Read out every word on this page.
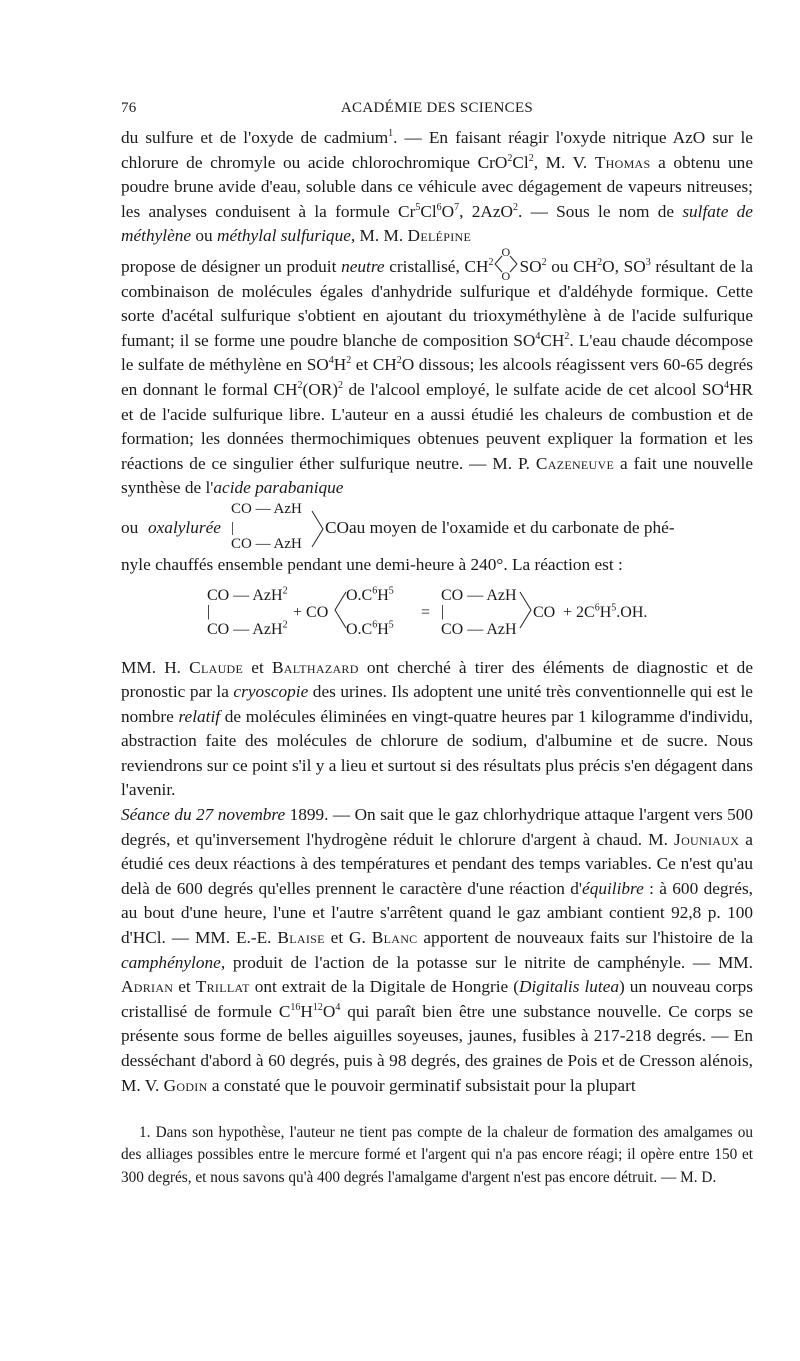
76	ACADÉMIE DES SCIENCES

du sulfure et de l'oxyde de cadmium$^1$. — En faisant réagir l'oxyde nitrique AzO sur le chlorure de chromyle ou acide chlorochromique CrO$^2$Cl$^2$, M. V. Thomas a obtenu une poudre brune avide d'eau, soluble dans ce véhicule avec dégagement de vapeurs nitreuses; les analyses conduisent à la formule $Cr^5Cl^6O^7$, 2AzO$^2$. — Sous le nom de sulfate de méthylène ou méthylal sulfurique, M. M. Delépine

propose de désigner un produit neutre cristallisé, $CH^2$
O
O $SO^2$ ou $CH^2O$, $SO^3$ résultant de la combinaison de molécules égales d'anhydride sulfurique et d'aldéhyde formique. Cette sorte d'acétal sulfurique s'obtient en ajoutant du trioxyméthylène à de l'acide sulfurique fumant; il se forme une poudre blanche de composition $SO^4CH^2$. L'eau chaude décompose le sulfate de méthylène en $SO^4H^2$ et $CH^2O$ dissous; les alcools réagissent vers 60-65 degrés en donnant le formal $CH^2(OR)^2$ de l'alcool employé, le sulfate acide de cet alcool $SO^4HR$ et de l'acide sulfurique libre. L'auteur en a aussi étudié les chaleurs de combustion et de formation; les données thermochimiques obtenues peuvent expliquer la formation et les réactions de ce singulier éther sulfurique neutre. — M. P. Cazeneuve a fait une nouvelle synthèse de l'acide parabanique

ou oxalylurée
CO — AzH
|
CO — AzH
CO au moyen de l'oxamide et du carbonate de phé-

nyle chauffés ensemble pendant une demi-heure à 240°. La réaction est :

CO — AzH$^2$
|
CO — AzH$^2$
+ CO
$O.C^6H^5$
$O.C^6H^5$
=
CO — AzH
|
CO — AzH
CO + $2C^6H^5.OH$.

MM. H. Claude et Balthazard ont cherché à tirer des éléments de diagnostic et de pronostic par la cryoscopie des urines. Ils adoptent une unité très conventionnelle qui est le nombre relatif de molécules éliminées en vingt-quatre heures par 1 kilogramme d'individu, abstraction faite des molécules de chlorure de sodium, d'albumine et de sucre. Nous reviendrons sur ce point s'il y a lieu et surtout si des résultats plus précis s'en dégagent dans l'avenir.

Séance du 27 novembre 1899. — On sait que le gaz chlorhydrique attaque l'argent vers 500 degrés, et qu'inversement l'hydrogène réduit le chlorure d'argent à chaud. M. Jouniaux a étudié ces deux réactions à des températures et pendant des temps variables. Ce n'est qu'au delà de 600 degrés qu'elles prennent le caractère d'une réaction d'équilibre : à 600 degrés, au bout d'une heure, l'une et l'autre s'arrêtent quand le gaz ambiant contient 92,8 p. 100 d'HCl. — MM. E.-E. Blaise et G. Blanc apportent de nouveaux faits sur l'histoire de la camphénylone, produit de l'action de la potasse sur le nitrite de camphényle. — MM. Adrian et Trillat ont extrait de la Digitale de Hongrie (Digitalis lutea) un nouveau corps cristallisé de formule $C^{16}H^{12}O^4$ qui paraît bien être une substance nouvelle. Ce corps se présente sous forme de belles aiguilles soyeuses, jaunes, fusibles à 217-218 degrés. — En desséchant d'abord à 60 degrés, puis à 98 degrés, des graines de Pois et de Cresson alénois, M. V. Godin a constaté que le pouvoir germinatif subsistait pour la plupart

1. Dans son hypothèse, l'auteur ne tient pas compte de la chaleur de formation des amalgames ou des alliages possibles entre le mercure formé et l'argent qui n'a pas encore réagi; il opère entre 150 et 300 degrés, et nous savons qu'à 400 degrés l'amalgame d'argent n'est pas encore détruit. — M. D.
